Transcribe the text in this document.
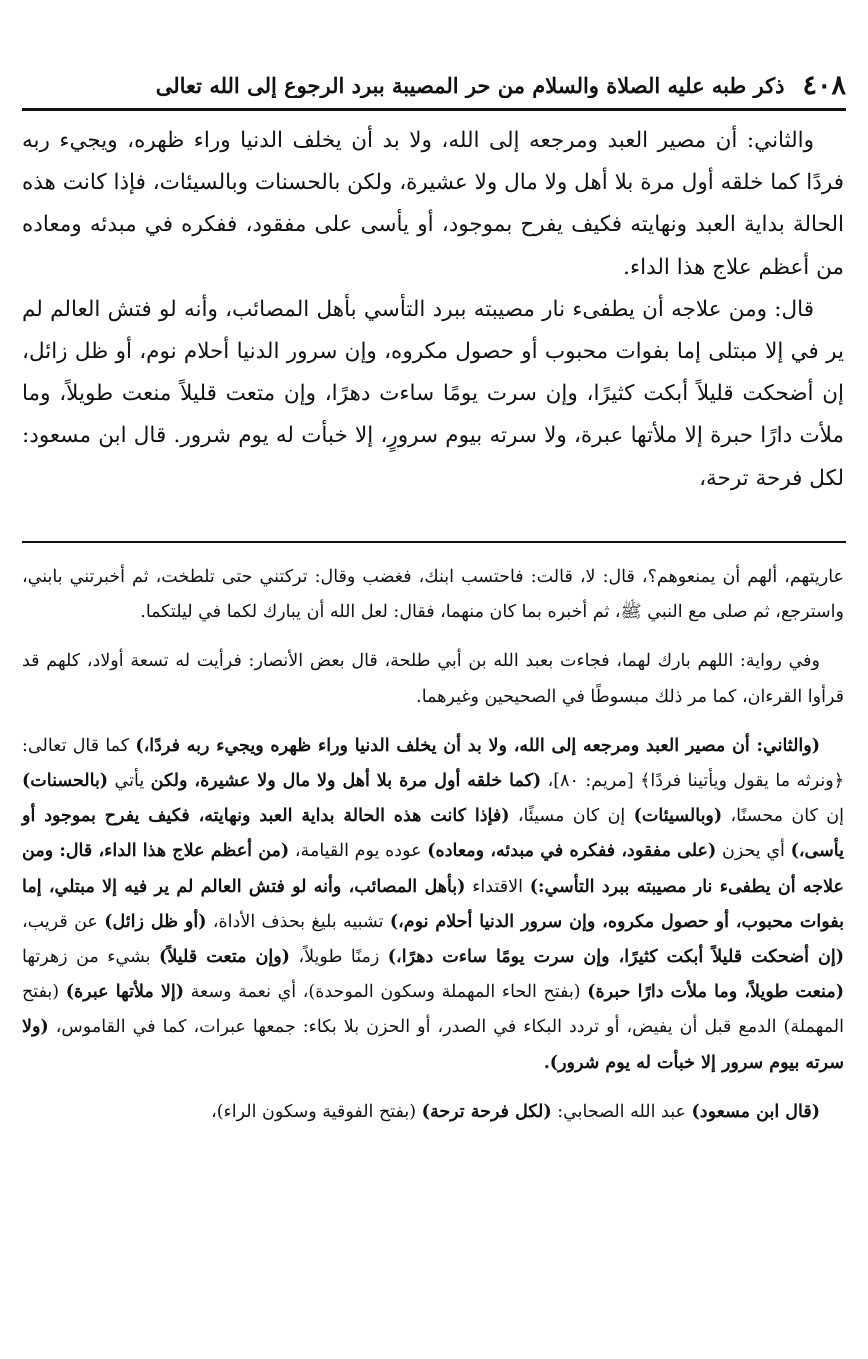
٤٠٨
ذكر طبه عليه الصلاة والسلام من حر المصيبة ببرد الرجوع إلى الله تعالى

والثاني: أن مصير العبد ومرجعه إلى الله، ولا بد أن يخلف الدنيا وراء ظهره، ويجيء ربه فردًا كما خلقه أول مرة بلا أهل ولا مال ولا عشيرة، ولكن بالحسنات وبالسيئات، فإذا كانت هذه الحالة بداية العبد ونهايته فكيف يفرح بموجود، أو يأسى على مفقود، ففكره في مبدئه ومعاده من أعظم علاج هذا الداء.

قال: ومن علاجه أن يطفىء نار مصيبته ببرد التأسي بأهل المصائب، وأنه لو فتش العالم لم ير في إلا مبتلى إما بفوات محبوب أو حصول مكروه، وإن سرور الدنيا أحلام نوم، أو ظل زائل، إن أضحكت قليلاً أبكت كثيرًا، وإن سرت يومًا ساءت دهرًا، وإن متعت قليلاً منعت طويلاً، وما ملأت دارًا حبرة إلا ملأتها عبرة، ولا سرته بيوم سرورٍ، إلا خبأت له يوم شرور. قال ابن مسعود: لكل فرحة ترحة،

عاريتهم، ألهم أن يمنعوهم؟، قال: لا، قالت: فاحتسب ابنك، فغضب وقال: تركتني حتى تلطخت، ثم أخبرتني بابني، واسترجع، ثم صلى مع النبي ﷺ، ثم أخبره بما كان منهما، فقال: لعل الله أن يبارك لكما في ليلتكما.

وفي رواية: اللهم بارك لهما، فجاءت بعبد الله بن أبي طلحة، قال بعض الأنصار: فرأيت له تسعة أولاد، كلهم قد قرأوا القرءان، كما مر ذلك مبسوطًا في الصحيحين وغيرهما.

(والثاني: أن مصير العبد ومرجعه إلى الله، ولا بد أن يخلف الدنيا وراء ظهره ويجيء ربه فردًا،) كما قال تعالى: ﴿ونرثه ما يقول ويأتينا فردًا﴾ [مريم: ٨٠]، (كما خلقه أول مرة بلا أهل ولا مال ولا عشيرة، ولكن يأتي (بالحسنات) إن كان محسنًا، (وبالسيئات) إن كان مسيئًا، (فإذا كانت هذه الحالة بداية العبد ونهايته، فكيف يفرح بموجود أو يأسى،) أي يحزن (على مفقود، ففكره في مبدئه، ومعاده) عوده يوم القيامة، (من أعظم علاج هذا الداء، قال: ومن علاجه أن يطفىء نار مصيبته ببرد التأسي:) الاقتداء (بأهل المصائب، وأنه لو فتش العالم لم ير فيه إلا مبتلي، إما بفوات محبوب، أو حصول مكروه، وإن سرور الدنيا أحلام نوم،) تشبيه بليغ بحذف الأداة، (أو ظل زائل) عن قريب، (إن أضحكت قليلاً أبكت كثيرًا، وإن سرت يومًا ساءت دهرًا،) زمنًا طويلاً، (وإن متعت قليلاً) بشيء من زهرتها (منعت طويلاً، وما ملأت دارًا حبرة) (بفتح الحاء المهملة وسكون الموحدة)، أي نعمة وسعة (إلا ملأتها عبرة) (بفتح المهملة) الدمع قبل أن يفيض، أو تردد البكاء في الصدر، أو الحزن بلا بكاء: جمعها عبرات، كما في القاموس، (ولا سرته بيوم سرور إلا خبأت له يوم شرور).

(قال ابن مسعود) عبد الله الصحابي: (لكل فرحة ترحة) (بفتح الفوقية وسكون الراء)،
